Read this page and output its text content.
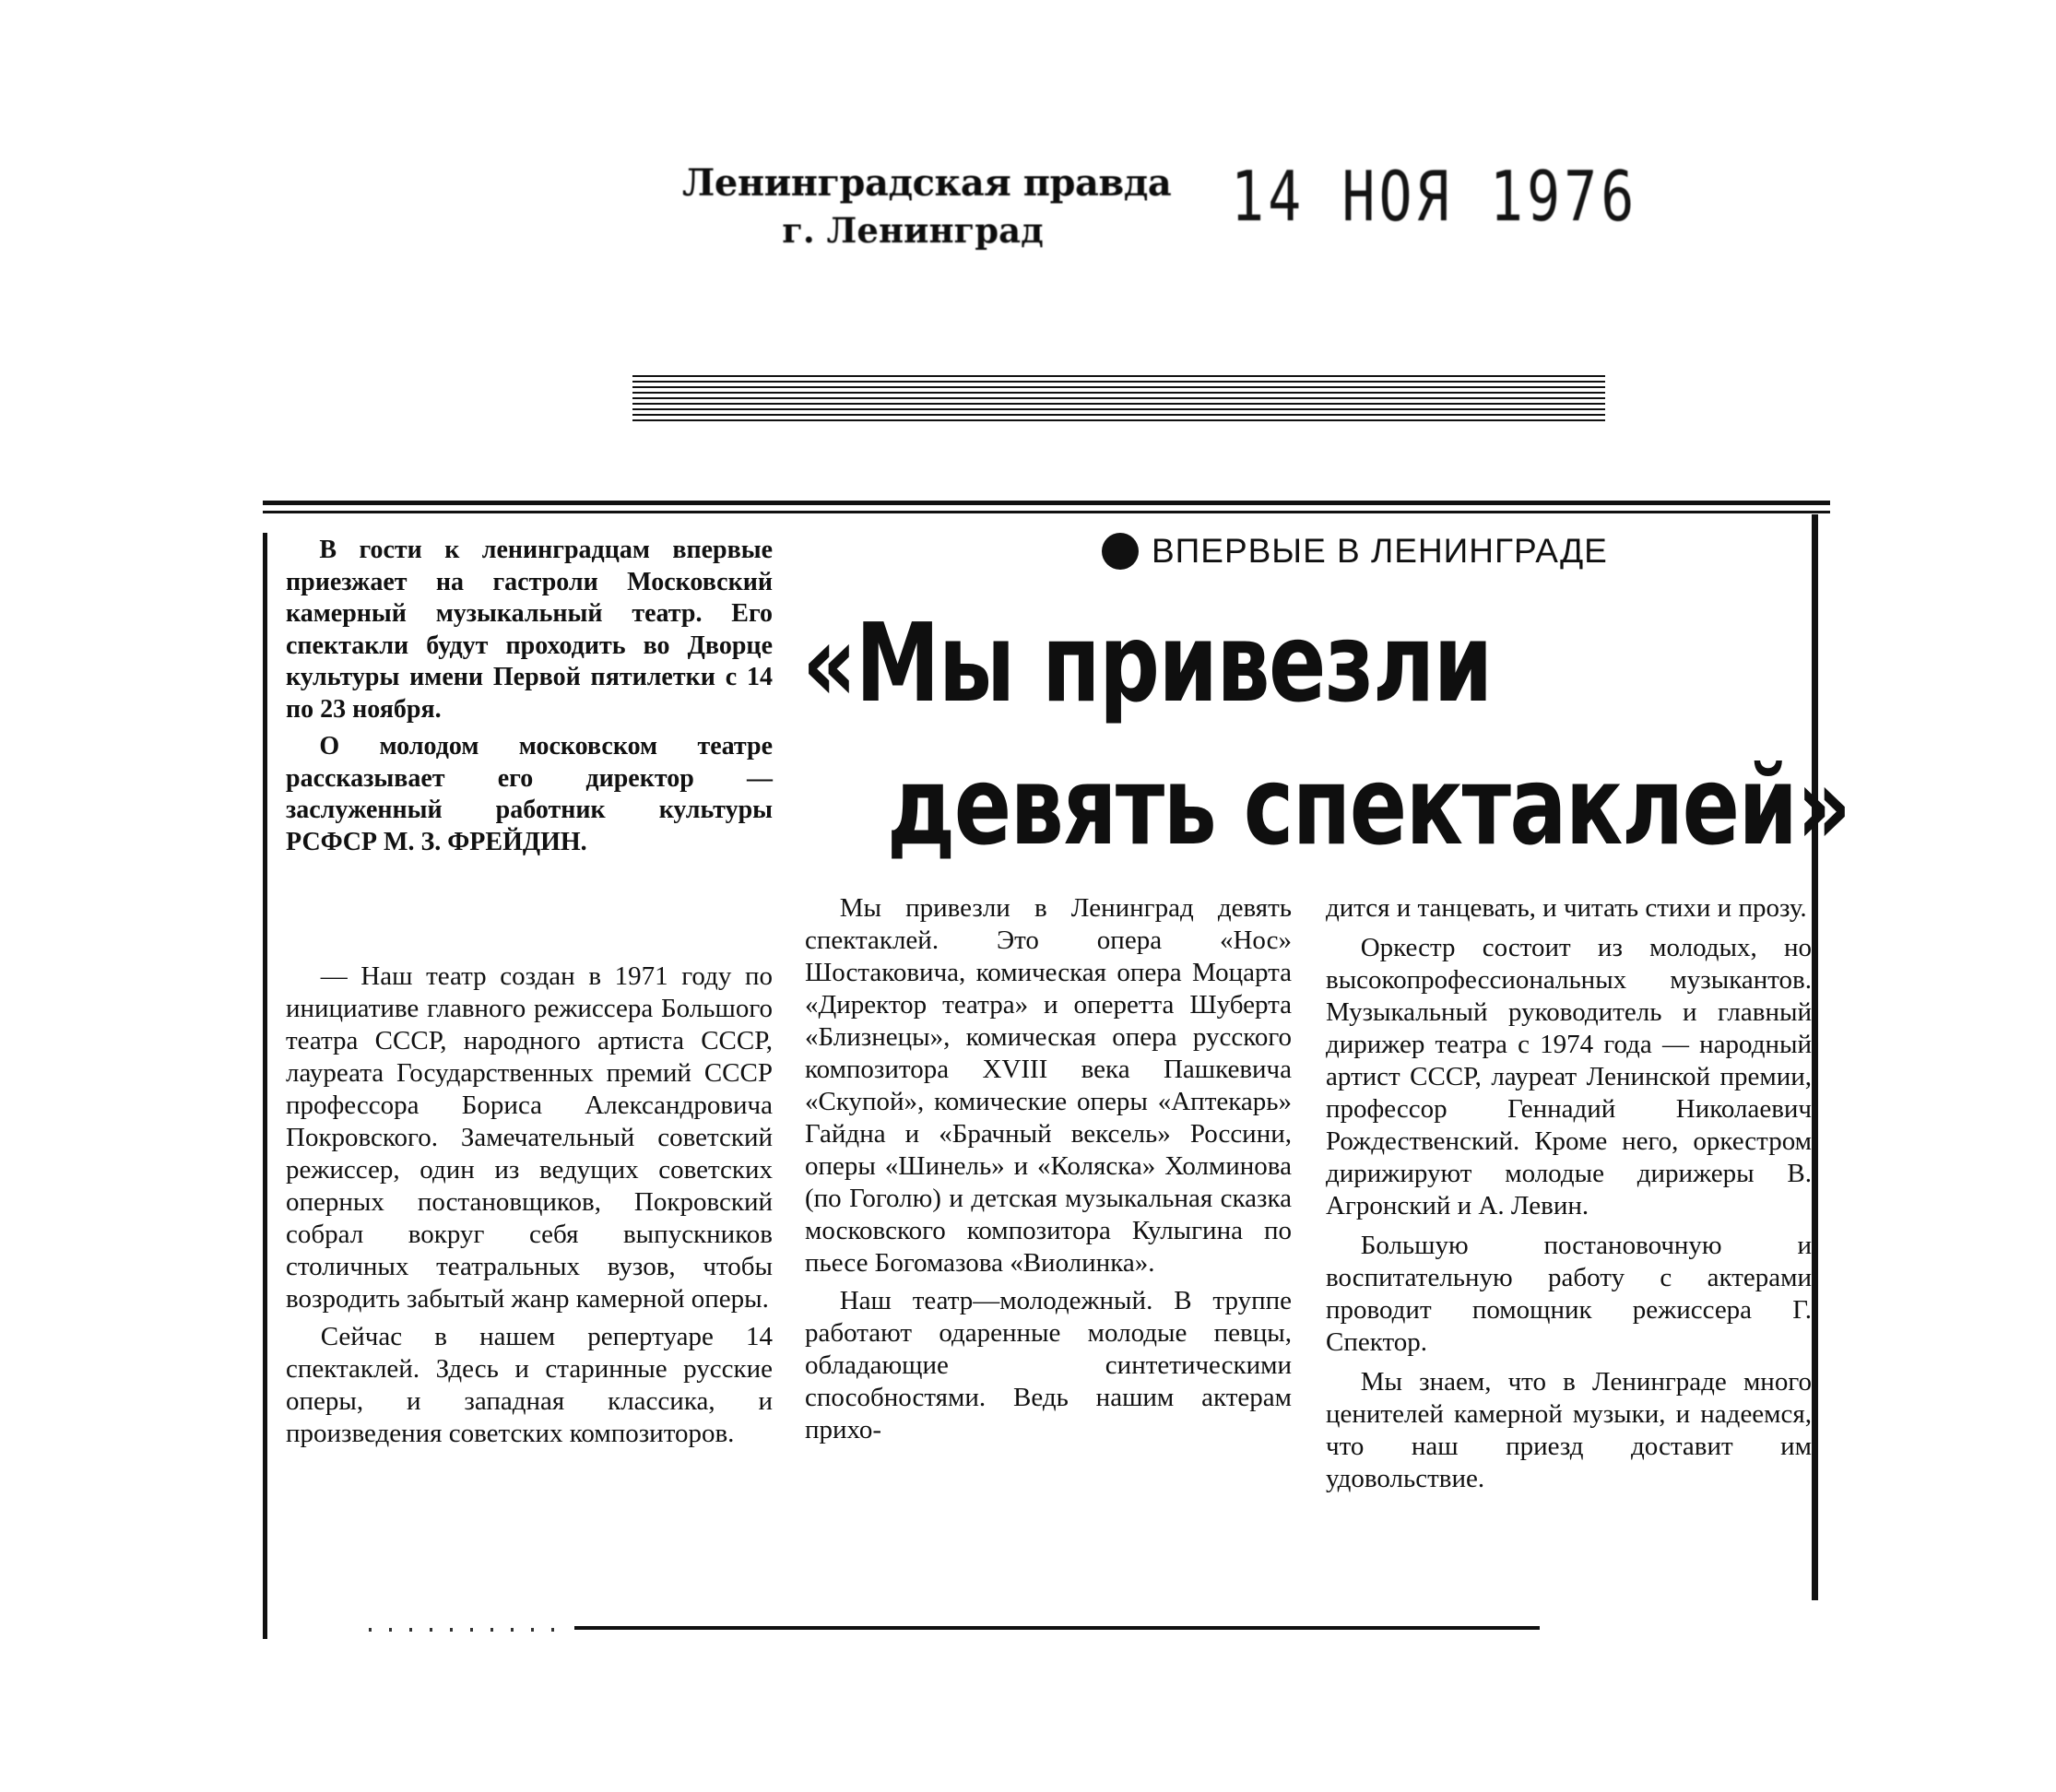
Ленинградская правда
г. Ленинград	14 НОЯ 1976
ВПЕРВЫЕ В ЛЕНИНГРАДЕ
«Мы привезли
девять спектаклей»

В гости к ленинградцам впервые приезжает на гастроли Московский камерный музыкальный театр. Его спектакли будут проходить во Дворце культуры имени Первой пятилетки с 14 по 23 ноября.

О молодом московском театре рассказывает его директор — заслуженный работник культуры РСФСР М. З. ФРЕЙДИН.

— Наш театр создан в 1971 году по инициативе главного режиссера Большого театра СССР, народного артиста СССР, лауреата Государственных премий СССР профессора Бориса Александровича Покровского. Замечательный советский режиссер, один из ведущих советских оперных постановщиков, Покровский собрал вокруг себя выпускников столичных театральных вузов, чтобы возродить забытый жанр камерной оперы.

Сейчас в нашем репертуаре 14 спектаклей. Здесь и старинные русские оперы, и западная классика, и произведения советских композиторов.

Мы привезли в Ленинград девять спектаклей. Это опера «Нос» Шостаковича, комическая опера Моцарта «Директор театра» и оперетта Шуберта «Близнецы», комическая опера русского композитора XVIII века Пашкевича «Скупой», комические оперы «Аптекарь» Гайдна и «Брачный вексель» Россини, оперы «Шинель» и «Коляска» Холминова (по Гоголю) и детская музыкальная сказка московского композитора Кулыгина по пьесе Богомазова «Виолинка».

Наш театр—молодежный. В труппе работают одаренные молодые певцы, обладающие синтетическими способностями. Ведь нашим актерам прихо-

дится и танцевать, и читать стихи и прозу.

Оркестр состоит из молодых, но высокопрофессиональных музыкантов. Музыкальный руководитель и главный дирижер театра с 1974 года — народный артист СССР, лауреат Ленинской премии, профессор Геннадий Николаевич Рождественский. Кроме него, оркестром дирижируют молодые дирижеры В. Агронский и А. Левин.

Большую постановочную и воспитательную работу с актерами проводит помощник режиссера Г. Спектор.

Мы знаем, что в Ленинграде много ценителей камерной музыки, и надеемся, что наш приезд доставит им удовольствие.
